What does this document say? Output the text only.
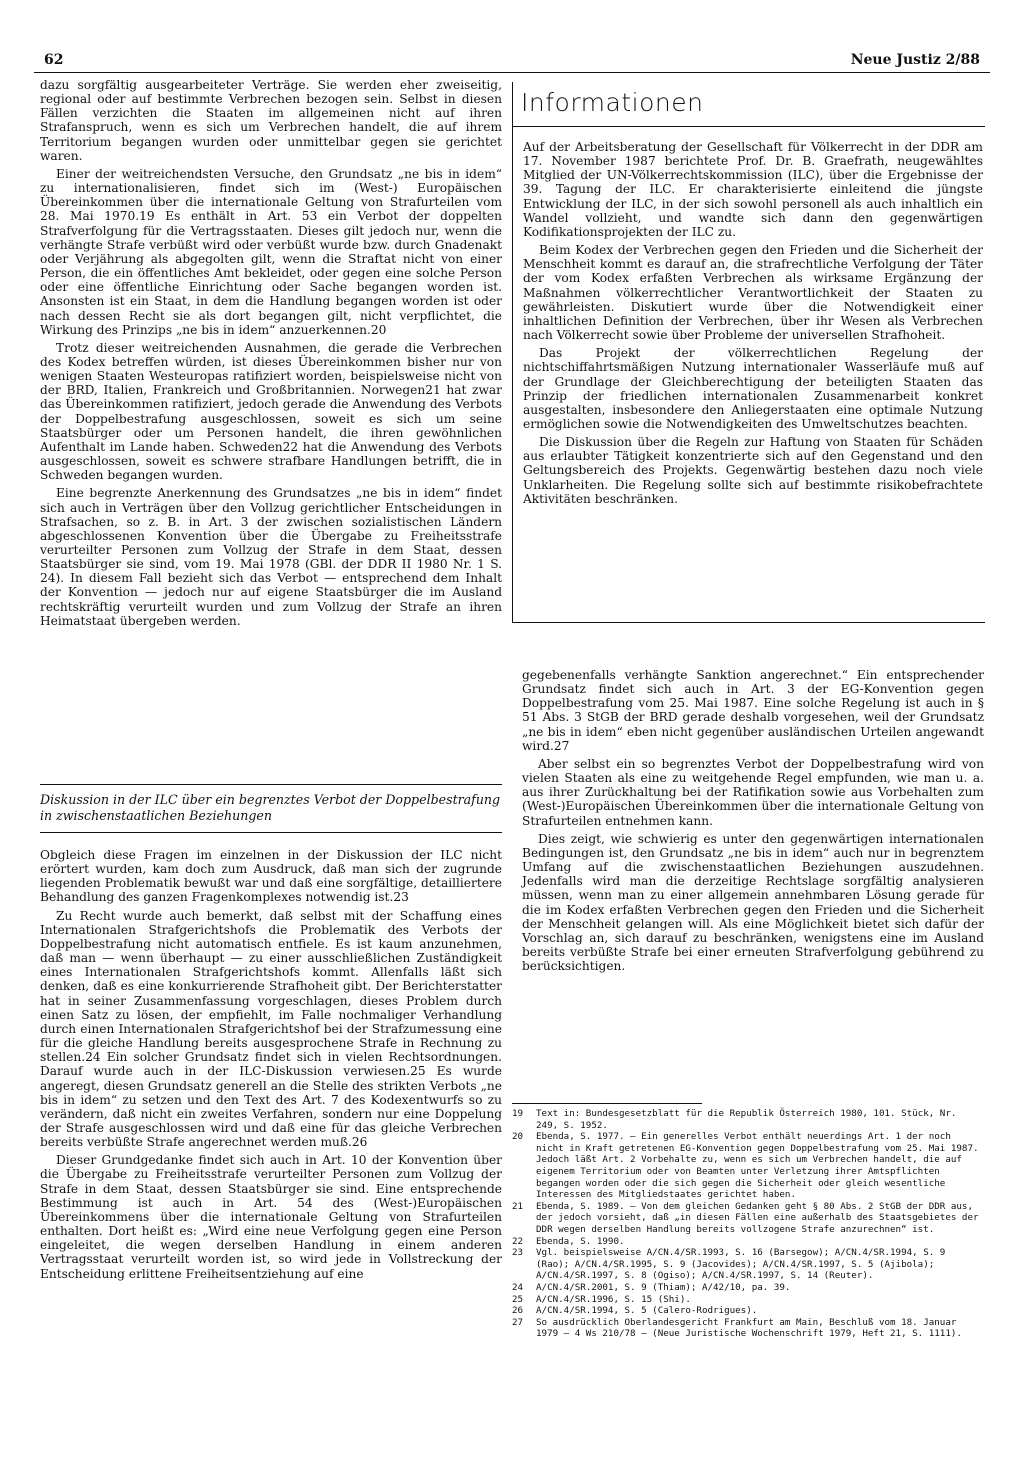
62	Neue Justiz 2/88

dazu sorgfältig ausgearbeiteter Verträge. Sie werden eher zweiseitig, regional oder auf bestimmte Verbrechen bezogen sein. Selbst in diesen Fällen verzichten die Staaten im allgemeinen nicht auf ihren Strafanspruch, wenn es sich um Verbrechen handelt, die auf ihrem Territorium begangen wurden oder unmittelbar gegen sie gerichtet waren.

Einer der weitreichendsten Versuche, den Grundsatz „ne bis in idem“ zu internationalisieren, findet sich im (West-) Europäischen Übereinkommen über die internationale Geltung von Strafurteilen vom 28. Mai 1970.19 Es enthält in Art. 53 ein Verbot der doppelten Strafverfolgung für die Vertragsstaaten. Dieses gilt jedoch nur, wenn die verhängte Strafe verbüßt wird oder verbüßt wurde bzw. durch Gnadenakt oder Verjährung als abgegolten gilt, wenn die Straftat nicht von einer Person, die ein öffentliches Amt bekleidet, oder gegen eine solche Person oder eine öffentliche Einrichtung oder Sache begangen worden ist. Ansonsten ist ein Staat, in dem die Handlung begangen worden ist oder nach dessen Recht sie als dort begangen gilt, nicht verpflichtet, die Wirkung des Prinzips „ne bis in idem“ anzuerkennen.20

Trotz dieser weitreichenden Ausnahmen, die gerade die Verbrechen des Kodex betreffen würden, ist dieses Übereinkommen bisher nur von wenigen Staaten Westeuropas ratifiziert worden, beispielsweise nicht von der BRD, Italien, Frankreich und Großbritannien. Norwegen21 hat zwar das Übereinkommen ratifiziert, jedoch gerade die Anwendung des Verbots der Doppelbestrafung ausgeschlossen, soweit es sich um seine Staatsbürger oder um Personen handelt, die ihren gewöhnlichen Aufenthalt im Lande haben. Schweden22 hat die Anwendung des Verbots ausgeschlossen, soweit es schwere strafbare Handlungen betrifft, die in Schweden begangen wurden.

Eine begrenzte Anerkennung des Grundsatzes „ne bis in idem“ findet sich auch in Verträgen über den Vollzug gerichtlicher Entscheidungen in Strafsachen, so z. B. in Art. 3 der zwischen sozialistischen Ländern abgeschlossenen Konvention über die Übergabe zu Freiheitsstrafe verurteilter Personen zum Vollzug der Strafe in dem Staat, dessen Staatsbürger sie sind, vom 19. Mai 1978 (GBl. der DDR II 1980 Nr. 1 S. 24). In diesem Fall bezieht sich das Verbot — entsprechend dem Inhalt der Konvention — jedoch nur auf eigene Staatsbürger die im Ausland rechtskräftig verurteilt wurden und zum Vollzug der Strafe an ihren Heimatstaat übergeben werden.

Diskussion in der ILC über ein begrenztes Verbot der Doppelbestrafung in zwischenstaatlichen Beziehungen

Obgleich diese Fragen im einzelnen in der Diskussion der ILC nicht erörtert wurden, kam doch zum Ausdruck, daß man sich der zugrunde liegenden Problematik bewußt war und daß eine sorgfältige, detailliertere Behandlung des ganzen Fragenkomplexes notwendig ist.23

Zu Recht wurde auch bemerkt, daß selbst mit der Schaffung eines Internationalen Strafgerichtshofs die Problematik des Verbots der Doppelbestrafung nicht automatisch entfiele. Es ist kaum anzunehmen, daß man — wenn überhaupt — zu einer ausschließlichen Zuständigkeit eines Internationalen Strafgerichtshofs kommt. Allenfalls läßt sich denken, daß es eine konkurrierende Strafhoheit gibt. Der Berichterstatter hat in seiner Zusammenfassung vorgeschlagen, dieses Problem durch einen Satz zu lösen, der empfiehlt, im Falle nochmaliger Verhandlung durch einen Internationalen Strafgerichtshof bei der Strafzumessung eine für die gleiche Handlung bereits ausgesprochene Strafe in Rechnung zu stellen.24 Ein solcher Grundsatz findet sich in vielen Rechtsordnungen. Darauf wurde auch in der ILC-Diskussion verwiesen.25 Es wurde angeregt, diesen Grundsatz generell an die Stelle des strikten Verbots „ne bis in idem“ zu setzen und den Text des Art. 7 des Kodexentwurfs so zu verändern, daß nicht ein zweites Verfahren, sondern nur eine Doppelung der Strafe ausgeschlossen wird und daß eine für das gleiche Verbrechen bereits verbüßte Strafe angerechnet werden muß.26

Dieser Grundgedanke findet sich auch in Art. 10 der Konvention über die Übergabe zu Freiheitsstrafe verurteilter Personen zum Vollzug der Strafe in dem Staat, dessen Staatsbürger sie sind. Eine entsprechende Bestimmung ist auch in Art. 54 des (West-)Europäischen Übereinkommens über die internationale Geltung von Strafurteilen enthalten. Dort heißt es: „Wird eine neue Verfolgung gegen eine Person eingeleitet, die wegen derselben Handlung in einem anderen Vertragsstaat verurteilt worden ist, so wird jede in Vollstreckung der Entscheidung erlittene Freiheitsentziehung auf eine

Informationen

Auf der Arbeitsberatung der Gesellschaft für Völkerrecht in der DDR am 17. November 1987 berichtete Prof. Dr. B. Graefrath, neugewähltes Mitglied der UN-Völkerrechtskommission (ILC), über die Ergebnisse der 39. Tagung der ILC. Er charakterisierte einleitend die jüngste Entwicklung der ILC, in der sich sowohl personell als auch inhaltlich ein Wandel vollzieht, und wandte sich dann den gegenwärtigen Kodifikationsprojekten der ILC zu.

Beim Kodex der Verbrechen gegen den Frieden und die Sicherheit der Menschheit kommt es darauf an, die strafrechtliche Verfolgung der Täter der vom Kodex erfaßten Verbrechen als wirksame Ergänzung der Maßnahmen völkerrechtlicher Verantwortlichkeit der Staaten zu gewährleisten. Diskutiert wurde über die Notwendigkeit einer inhaltlichen Definition der Verbrechen, über ihr Wesen als Verbrechen nach Völkerrecht sowie über Probleme der universellen Strafhoheit.

Das Projekt der völkerrechtlichen Regelung der nichtschiffahrtsmäßigen Nutzung internationaler Wasserläufe muß auf der Grundlage der Gleichberechtigung der beteiligten Staaten das Prinzip der friedlichen internationalen Zusammenarbeit konkret ausgestalten, insbesondere den Anliegerstaaten eine optimale Nutzung ermöglichen sowie die Notwendigkeiten des Umweltschutzes beachten.

Die Diskussion über die Regeln zur Haftung von Staaten für Schäden aus erlaubter Tätigkeit konzentrierte sich auf den Gegenstand und den Geltungsbereich des Projekts. Gegenwärtig bestehen dazu noch viele Unklarheiten. Die Regelung sollte sich auf bestimmte risikobefrachtete Aktivitäten beschränken.

gegebenenfalls verhängte Sanktion angerechnet.“ Ein entsprechender Grundsatz findet sich auch in Art. 3 der EG-Konvention gegen Doppelbestrafung vom 25. Mai 1987. Eine solche Regelung ist auch in § 51 Abs. 3 StGB der BRD gerade deshalb vorgesehen, weil der Grundsatz „ne bis in idem“ eben nicht gegenüber ausländischen Urteilen angewandt wird.27

Aber selbst ein so begrenztes Verbot der Doppelbestrafung wird von vielen Staaten als eine zu weitgehende Regel empfunden, wie man u. a. aus ihrer Zurückhaltung bei der Ratifikation sowie aus Vorbehalten zum (West-)Europäischen Übereinkommen über die internationale Geltung von Strafurteilen entnehmen kann.

Dies zeigt, wie schwierig es unter den gegenwärtigen internationalen Bedingungen ist, den Grundsatz „ne bis in idem“ auch nur in begrenztem Umfang auf die zwischenstaatlichen Beziehungen auszudehnen. Jedenfalls wird man die derzeitige Rechtslage sorgfältig analysieren müssen, wenn man zu einer allgemein annehmbaren Lösung gerade für die im Kodex erfaßten Verbrechen gegen den Frieden und die Sicherheit der Menschheit gelangen will. Als eine Möglichkeit bietet sich dafür der Vorschlag an, sich darauf zu beschränken, wenigstens eine im Ausland bereits verbüßte Strafe bei einer erneuten Strafverfolgung gebührend zu berücksichtigen.

19	Text in: Bundesgesetzblatt für die Republik Österreich 1980, 101. Stück, Nr. 249, S. 1952.
20	Ebenda, S. 1977. — Ein generelles Verbot enthält neuerdings Art. 1 der noch nicht in Kraft getretenen EG-Konvention gegen Doppelbestrafung vom 25. Mai 1987. Jedoch läßt Art. 2 Vorbehalte zu, wenn es sich um Verbrechen handelt, die auf eigenem Territorium oder von Beamten unter Verletzung ihrer Amtspflichten begangen worden oder die sich gegen die Sicherheit oder gleich wesentliche Interessen des Mitgliedstaates gerichtet haben.
21	Ebenda, S. 1989. — Von dem gleichen Gedanken geht § 80 Abs. 2 StGB der DDR aus, der jedoch vorsieht, daß „in diesen Fällen eine außerhalb des Staatsgebietes der DDR wegen derselben Handlung bereits vollzogene Strafe anzurechnen“ ist.
22	Ebenda, S. 1990.
23	Vgl. beispielsweise A/CN.4/SR.1993, S. 16 (Barsegow); A/CN.4/SR.1994, S. 9 (Rao); A/CN.4/SR.1995, S. 9 (Jacovides); A/CN.4/SR.1997, S. 5 (Ajibola); A/CN.4/SR.1997, S. 8 (Ogiso); A/CN.4/SR.1997, S. 14 (Reuter).
24	A/CN.4/SR.2001, S. 9 (Thiam); A/42/10, pa. 39.
25	A/CN.4/SR.1996, S. 15 (Shi).
26	A/CN.4/SR.1994, S. 5 (Calero-Rodrigues).
27	So ausdrücklich Oberlandesgericht Frankfurt am Main, Beschluß vom 18. Januar 1979 — 4 Ws 210/78 — (Neue Juristische Wochenschrift 1979, Heft 21, S. 1111).
